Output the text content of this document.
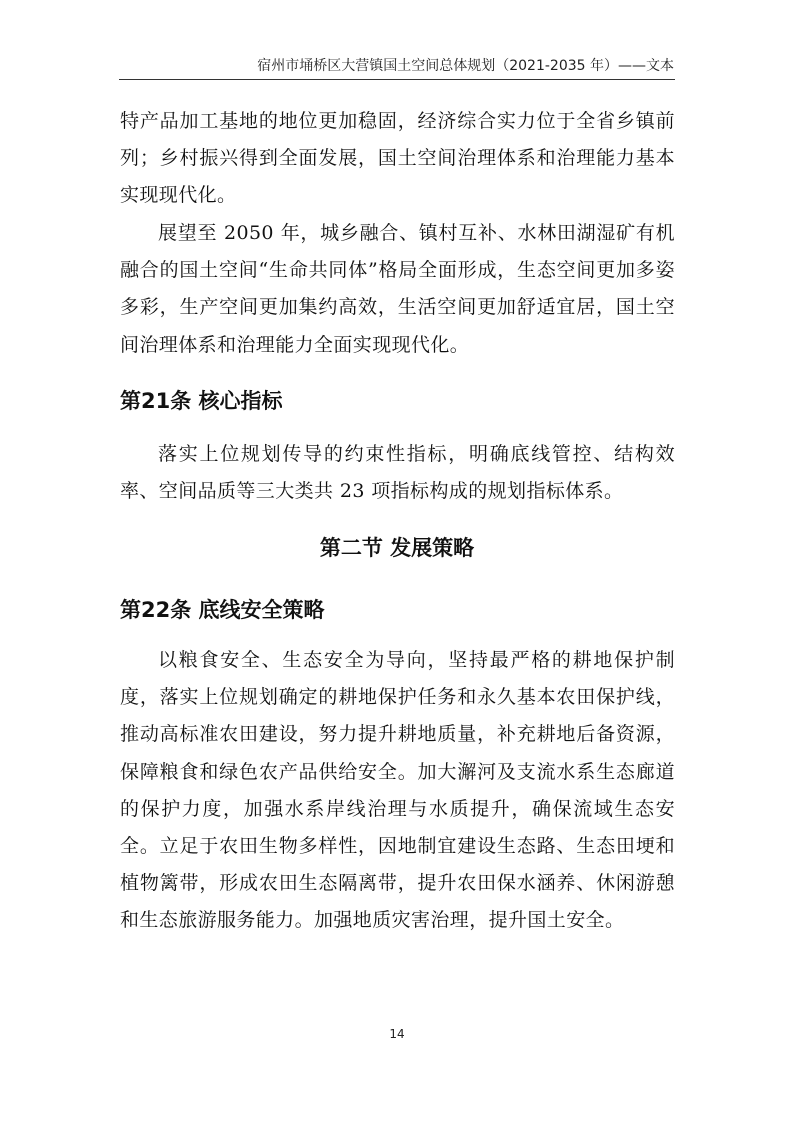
宿州市埇桥区大营镇国土空间总体规划（2021-2035 年）——文本

特产品加工基地的地位更加稳固，经济综合实力位于全省乡镇前列；乡村振兴得到全面发展，国土空间治理体系和治理能力基本实现现代化。

展望至 2050 年，城乡融合、镇村互补、水林田湖湿矿有机融合的国土空间“生命共同体”格局全面形成，生态空间更加多姿多彩，生产空间更加集约高效，生活空间更加舒适宜居，国土空间治理体系和治理能力全面实现现代化。

第21条 核心指标

落实上位规划传导的约束性指标，明确底线管控、结构效率、空间品质等三大类共 23 项指标构成的规划指标体系。

第二节 发展策略
第22条 底线安全策略

以粮食安全、生态安全为导向，坚持最严格的耕地保护制度，落实上位规划确定的耕地保护任务和永久基本农田保护线，推动高标准农田建设，努力提升耕地质量，补充耕地后备资源，保障粮食和绿色农产品供给安全。加大澥河及支流水系生态廊道的保护力度，加强水系岸线治理与水质提升，确保流域生态安全。立足于农田生物多样性，因地制宜建设生态路、生态田埂和植物篱带，形成农田生态隔离带，提升农田保水涵养、休闲游憩和生态旅游服务能力。加强地质灾害治理，提升国土安全。

14
